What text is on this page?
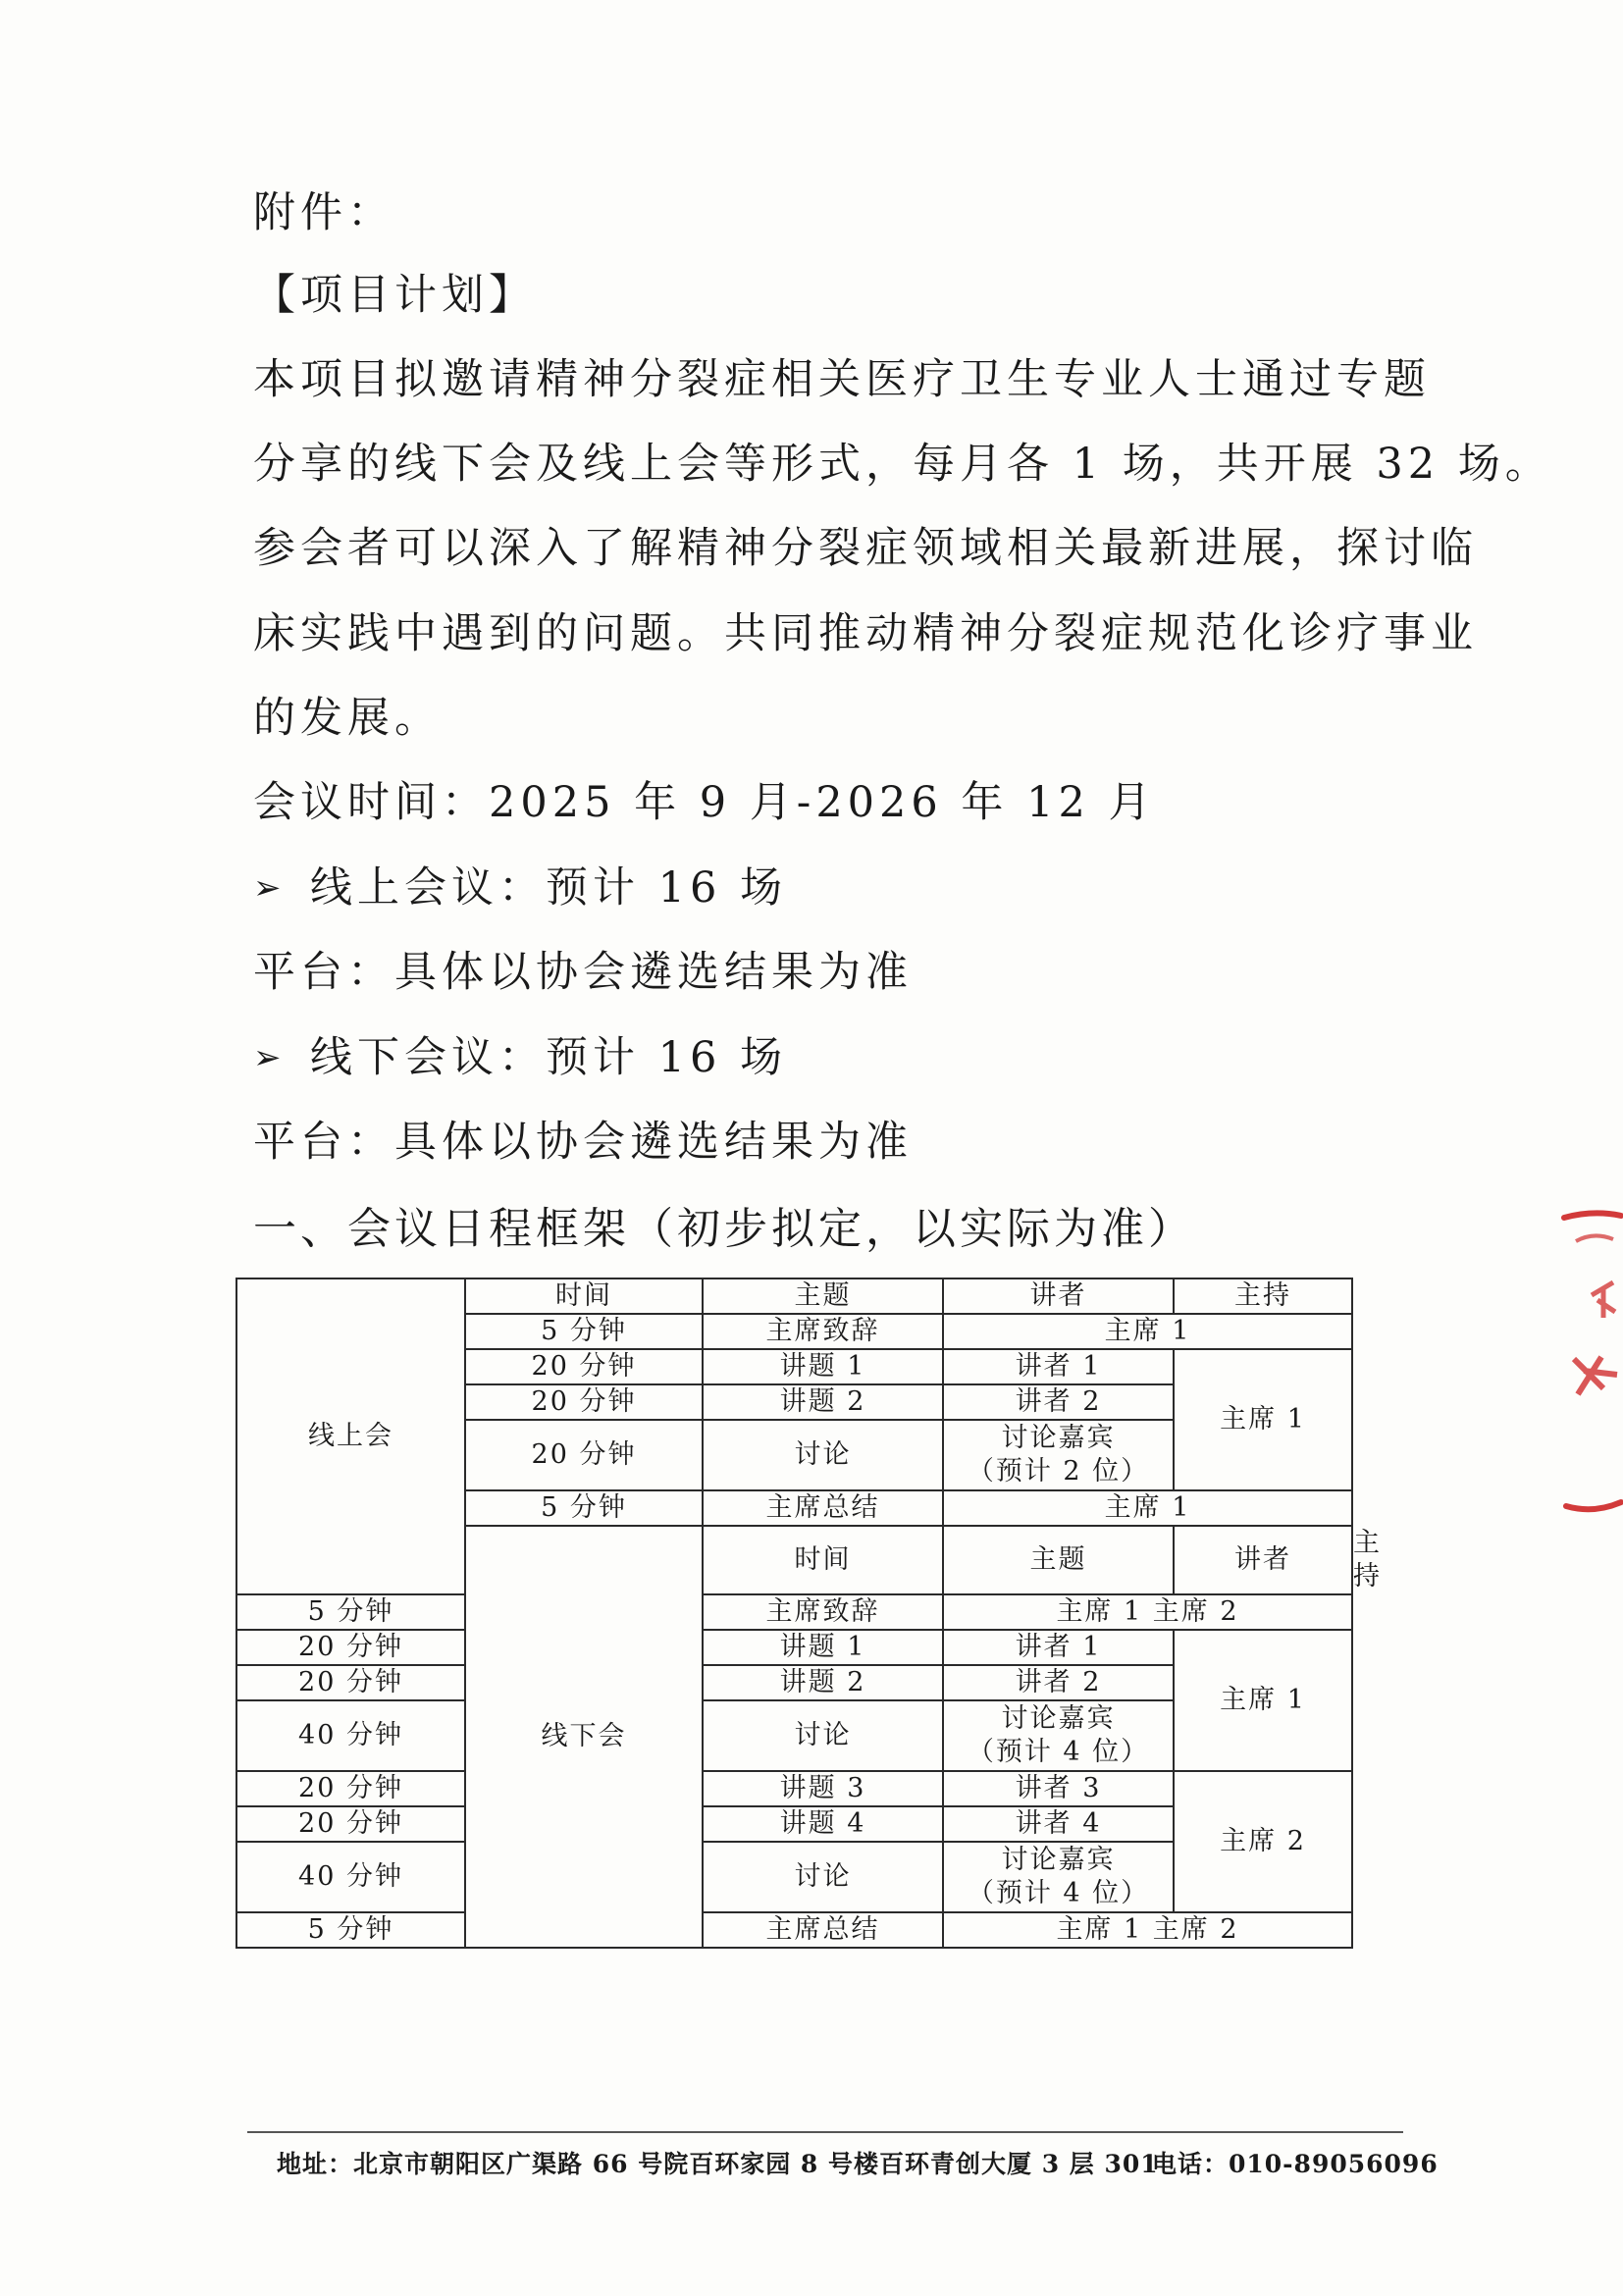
附件：

【项目计划】

本项目拟邀请精神分裂症相关医疗卫生专业人士通过专题

分享的线下会及线上会等形式，每月各 1 场，共开展 32 场。

参会者可以深入了解精神分裂症领域相关最新进展，探讨临

床实践中遇到的问题。共同推动精神分裂症规范化诊疗事业

的发展。

会议时间：2025 年 9 月-2026 年 12 月

➢ 线上会议：预计 16 场

平台：具体以协会遴选结果为准

➢ 线下会议：预计 16 场

平台：具体以协会遴选结果为准

一、会议日程框架（初步拟定，以实际为准）

线上会	时间	主题	讲者	主持	
	5 分钟	主席致辞	主席 1		
	20 分钟	讲题 1	讲者 1	主席 1	
	20 分钟	讲题 2	讲者 2		
	20 分钟	讨论	讨论嘉宾
（预计 2 位）		

	5 分钟	主席总结	主席 1		
	线下会	时间	主题	讲者	主持
5 分钟		主席致辞	主席 1 主席 2		
20 分钟		讲题 1	讲者 1	主席 1	
20 分钟		讲题 2	讲者 2		
40 分钟		讨论	讨论嘉宾
（预计 4 位）		

20 分钟		讲题 3	讲者 3	主席 2	
20 分钟		讲题 4	讲者 4		
40 分钟		讨论	讨论嘉宾
（预计 4 位）		

5 分钟		主席总结	主席 1 主席 2		
地址：北京市朝阳区广渠路 66 号院百环家园 8 号楼百环青创大厦 3 层 301
电话：010-89056096
